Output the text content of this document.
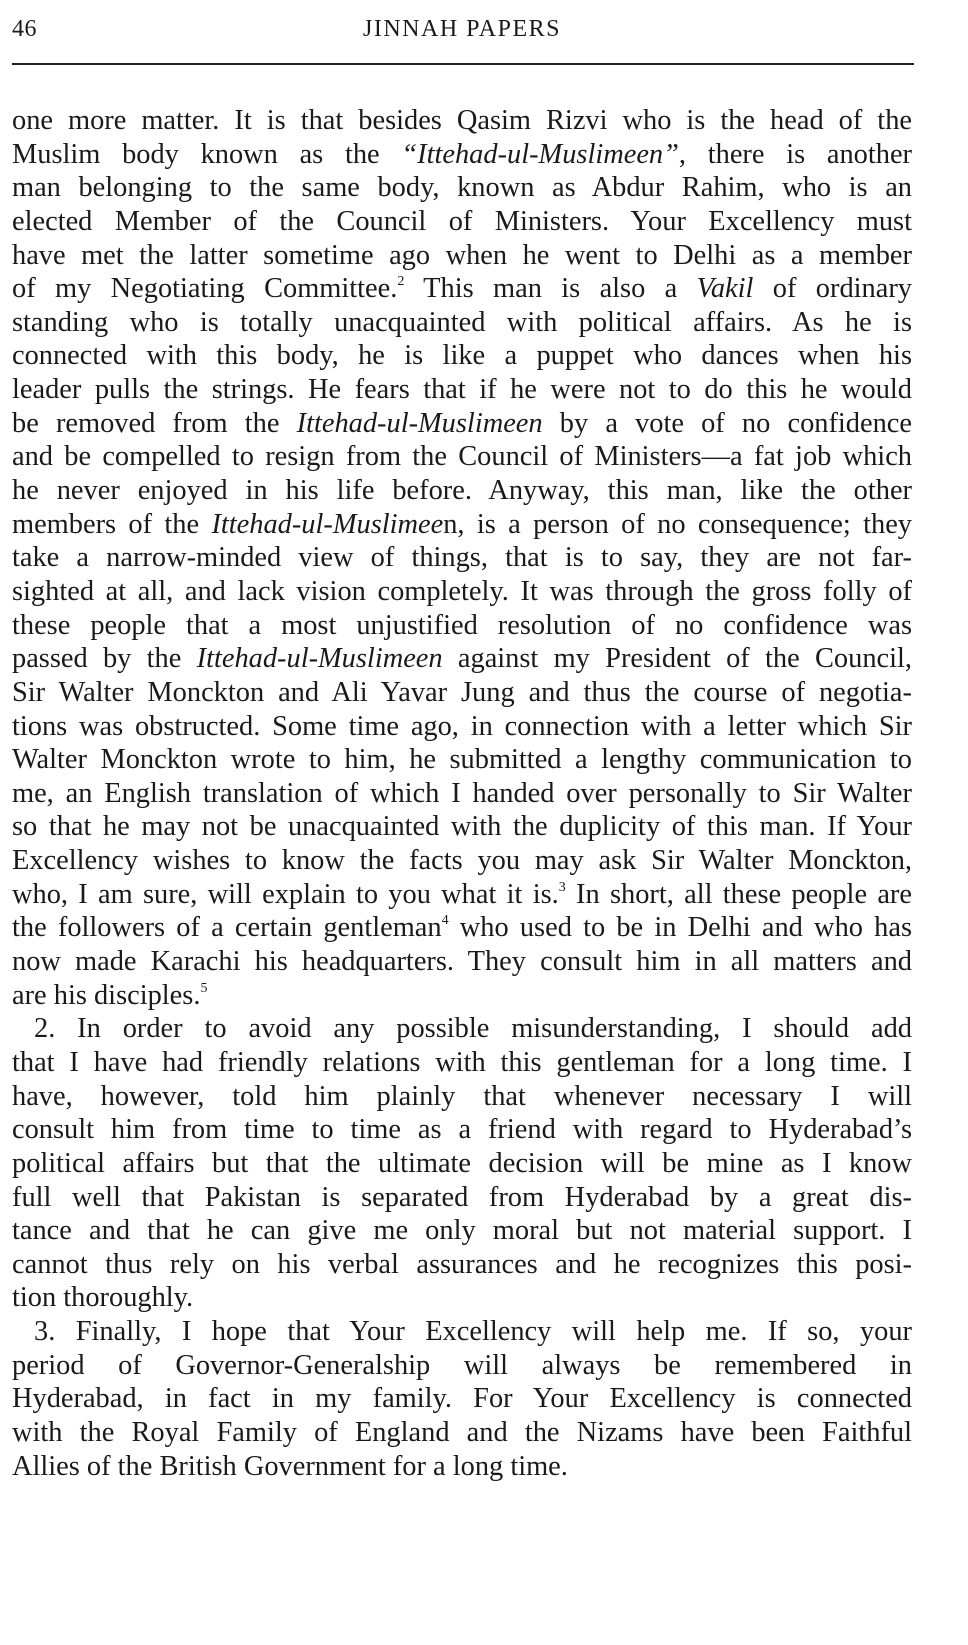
46	JINNAH PAPERS
one more matter. It is that besides Qasim Rizvi who is the head of the
Muslim body known as the “Ittehad-ul-Muslimeen”, there is another
man belonging to the same body, known as Abdur Rahim, who is an
elected Member of the Council of Ministers. Your Excellency must
have met the latter sometime ago when he went to Delhi as a member
of my Negotiating Committee.$^2$ This man is also a Vakil of ordinary
standing who is totally unacquainted with political affairs. As he is
connected with this body, he is like a puppet who dances when his
leader pulls the strings. He fears that if he were not to do this he would
be removed from the Ittehad-ul-Muslimeen by a vote of no confidence
and be compelled to resign from the Council of Ministers—a fat job which
he never enjoyed in his life before. Anyway, this man, like the other
members of the Ittehad-ul-Muslimeen, is a person of no consequence; they
take a narrow-minded view of things, that is to say, they are not far-
sighted at all, and lack vision completely. It was through the gross folly of
these people that a most unjustified resolution of no confidence was
passed by the Ittehad-ul-Muslimeen against my President of the Council,
Sir Walter Monckton and Ali Yavar Jung and thus the course of negotia-
tions was obstructed. Some time ago, in connection with a letter which Sir
Walter Monckton wrote to him, he submitted a lengthy communication to
me, an English translation of which I handed over personally to Sir Walter
so that he may not be unacquainted with the duplicity of this man. If Your
Excellency wishes to know the facts you may ask Sir Walter Monckton,
who, I am sure, will explain to you what it is.$^3$ In short, all these people are
the followers of a certain gentleman$^4$ who used to be in Delhi and who has
now made Karachi his headquarters. They consult him in all matters and
are his disciples.$^5$
2. In order to avoid any possible misunderstanding, I should add
that I have had friendly relations with this gentleman for a long time. I
have, however, told him plainly that whenever necessary I will
consult him from time to time as a friend with regard to Hyderabad’s
political affairs but that the ultimate decision will be mine as I know
full well that Pakistan is separated from Hyderabad by a great dis-
tance and that he can give me only moral but not material support. I
cannot thus rely on his verbal assurances and he recognizes this posi-
tion thoroughly.
3. Finally, I hope that Your Excellency will help me. If so, your
period of Governor-Generalship will always be remembered in
Hyderabad, in fact in my family. For Your Excellency is connected
with the Royal Family of England and the Nizams have been Faithful
Allies of the British Government for a long time.
